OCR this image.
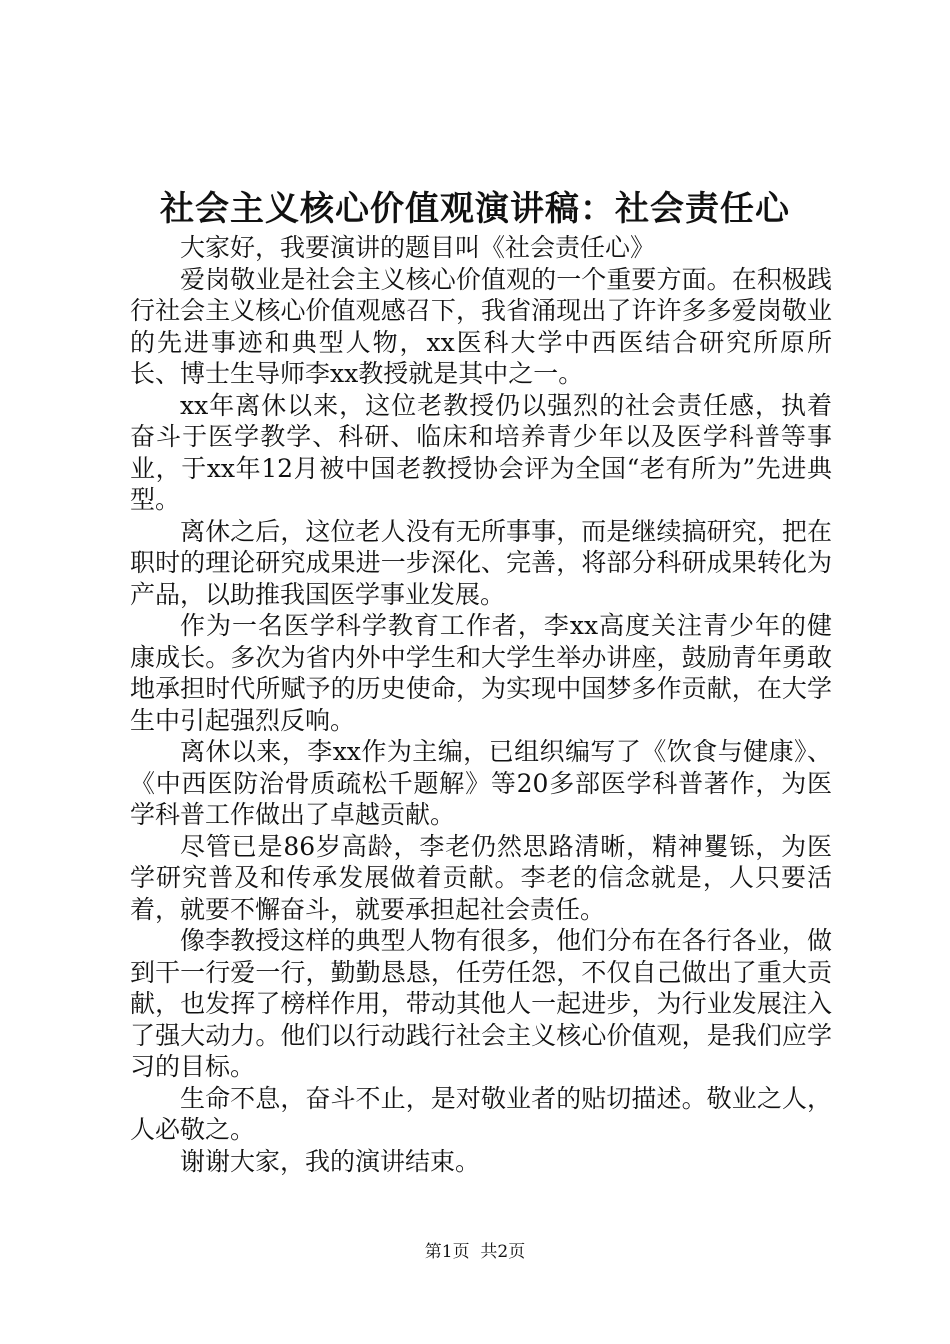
社会主义核心价值观演讲稿：社会责任心

大家好，我要演讲的题目叫《社会责任心》

爱岗敬业是社会主义核心价值观的一个重要方面。在积极践行社会主义核心价值观感召下，我省涌现出了许许多多爱岗敬业的先进事迹和典型人物，xx医科大学中西医结合研究所原所长、博士生导师李xx教授就是其中之一。

xx年离休以来，这位老教授仍以强烈的社会责任感，执着奋斗于医学教学、科研、临床和培养青少年以及医学科普等事业，于xx年12月被中国老教授协会评为全国“老有所为”先进典型。

离休之后，这位老人没有无所事事，而是继续搞研究，把在职时的理论研究成果进一步深化、完善，将部分科研成果转化为产品，以助推我国医学事业发展。

作为一名医学科学教育工作者，李xx高度关注青少年的健康成长。多次为省内外中学生和大学生举办讲座，鼓励青年勇敢地承担时代所赋予的历史使命，为实现中国梦多作贡献，在大学生中引起强烈反响。

离休以来，李xx作为主编，已组织编写了《饮食与健康》、《中西医防治骨质疏松千题解》等20多部医学科普著作，为医学科普工作做出了卓越贡献。

尽管已是86岁高龄，李老仍然思路清晰，精神矍铄，为医学研究普及和传承发展做着贡献。李老的信念就是，人只要活着，就要不懈奋斗，就要承担起社会责任。

像李教授这样的典型人物有很多，他们分布在各行各业，做到干一行爱一行，勤勤恳恳，任劳任怨，不仅自己做出了重大贡献，也发挥了榜样作用，带动其他人一起进步，为行业发展注入了强大动力。他们以行动践行社会主义核心价值观，是我们应学习的目标。

生命不息，奋斗不止，是对敬业者的贴切描述。敬业之人，人必敬之。

谢谢大家，我的演讲结束。

第1页  共2页
